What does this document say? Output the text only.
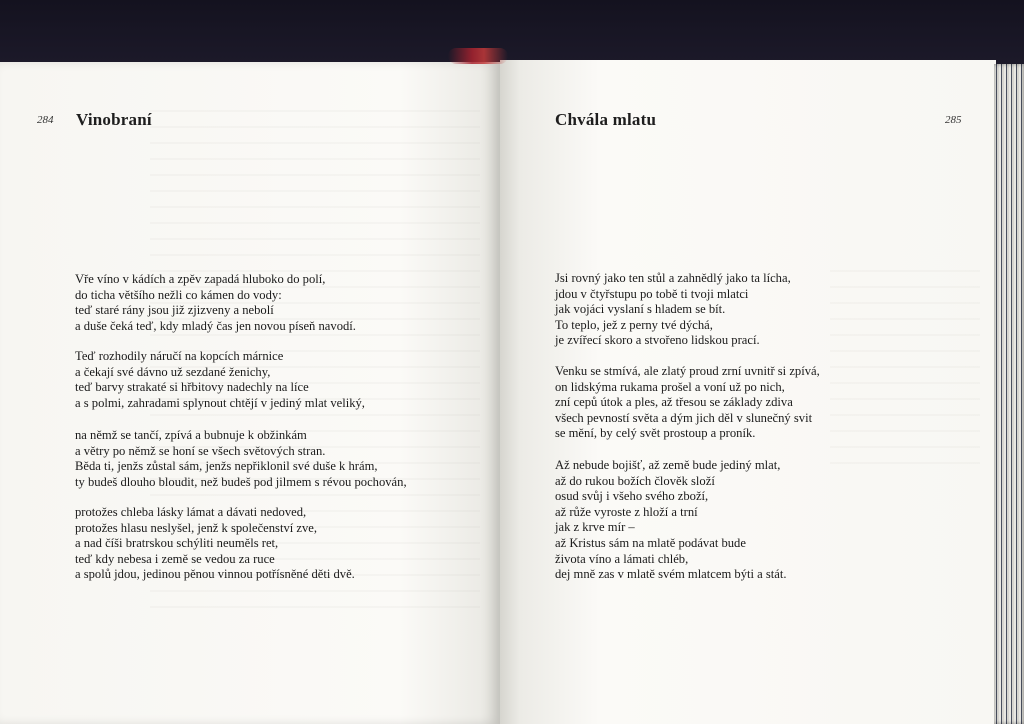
284 Vinobraní
Vře víno v kádích a zpěv zapadá hluboko do polí,
do ticha většího nežli co kámen do vody:
teď staré rány jsou již zjizveny a nebolí
a duše čeká teď, kdy mladý čas jen novou píseň navodí.
Teď rozhodily náručí na kopcích márnice
a čekají své dávno už sezdané ženichy,
teď barvy strakaté si hřbitovy nadechly na líce
a s polmi, zahradami splynout chtějí v jediný mlat veliký,
na němž se tančí, zpívá a bubnuje k obžinkám
a větry po němž se honí se všech světových stran.
Běda ti, jenžs zůstal sám, jenžs nepřiklonil své duše k hrám,
ty budeš dlouho bloudit, než budeš pod jilmem s révou pochován,
protožes chleba lásky lámat a dávati nedoved,
protožes hlasu neslyšel, jenž k společenství zve,
a nad číši bratrskou schýliti neuměls ret,
teď kdy nebesa i země se vedou za ruce
a spolů jdou, jedinou pěnou vinnou potřísněné děti dvě.
Chvála mlatu	285
Jsi rovný jako ten stůl a zahnědlý jako ta lícha,
jdou v čtyřstupu po tobě ti tvoji mlatci
jak vojáci vyslaní s hladem se bít.
To teplo, jež z perny tvé dýchá,
je zvířecí skoro a stvořeno lidskou prací.
Venku se stmívá, ale zlatý proud zrní uvnitř si zpívá,
on lidskýma rukama prošel a voní už po nich,
zní cepů útok a ples, až třesou se základy zdiva
všech pevností světa a dým jich děl v slunečný svit
se mění, by celý svět prostoup a proník.
Až nebude bojišť, až země bude jediný mlat,
až do rukou božích člověk složí
osud svůj i všeho svého zboží,
až růže vyroste z hloží a trní
jak z krve mír –
až Kristus sám na mlatě podávat bude
života víno a lámati chléb,
dej mně zas v mlatě svém mlatcem býti a stát.
